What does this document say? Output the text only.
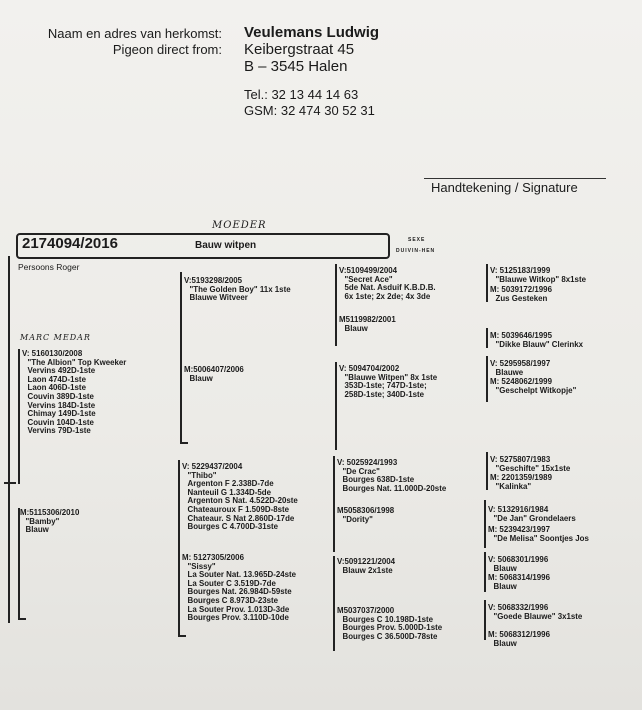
Naam en adres van herkomst:
Pigeon direct from:
Veulemans Ludwig
Keibergstraat 45
B – 3545 Halen
Tel.: 32 13 44 14 63
GSM: 32 474 30 52 31
Handtekening / Signature
MOEDER
2174094/2016	Bauw witpen	SEXE
DUIVIN-HEN
Persoons Roger
MARC MEDAR
V: 5160130/2008
"The Albion" Top Kweeker
Vervins 492D-1ste
Laon 474D-1ste
Laon 406D-1ste
Couvin 389D-1ste
Vervins 184D-1ste
Chimay 149D-1ste
Couvin 104D-1ste
Vervins 79D-1ste
M:5115306/2010
"Bamby"
Blauw
V:5193298/2005
"The Golden Boy" 11x 1ste
Blauwe Witveer
M:5006407/2006
Blauw
V: 5229437/2004
"Thibo"
Argenton F 2.338D-7de
Nanteuil G 1.334D-5de
Argenton S Nat. 4.522D-20ste
Chateauroux F 1.509D-8ste
Chateaur. S Nat 2.860D-17de
Bourges C 4.700D-31ste
M: 5127305/2006
"Sissy"
La Souter Nat. 13.965D-24ste
La Souter C 3.519D-7de
Bourges Nat. 26.984D-59ste
Bourges C 8.973D-23ste
La Souter Prov. 1.013D-3de
Bourges Prov. 3.110D-10de
V:5109499/2004
"Secret Ace"
5de Nat. Asduif K.B.D.B.
6x 1ste; 2x 2de; 4x 3de
M5119982/2001
Blauw
V: 5094704/2002
"Blauwe Witpen" 8x 1ste
353D-1ste; 747D-1ste;
258D-1ste; 340D-1ste
V: 5025924/1993
"De Crac"
Bourges 638D-1ste
Bourges Nat. 11.000D-20ste
M5058306/1998
"Dority"
V:5091221/2004
Blauw 2x1ste
M5037037/2000
Bourges C 10.198D-1ste
Bourges Prov. 5.000D-1ste
Bourges C 36.500D-78ste
V: 5125183/1999
"Blauwe Witkop" 8x1ste
M: 5039172/1996
Zus Gesteken
M: 5039646/1995
"Dikke Blauw" Clerinkx
V: 5295958/1997
Blauwe
M: 5248062/1999
"Geschelpt Witkopje"
V: 5275807/1983
"Geschifte" 15x1ste
M: 2201359/1989
"Kalinka"
V: 5132916/1984
"De Jan" Grondelaers
M: 5239423/1997
"De Melisa" Soontjes Jos
V: 5068301/1996
Blauw
M: 5068314/1996
Blauw
V: 5068332/1996
"Goede Blauwe" 3x1ste
M: 5068312/1996
Blauw
